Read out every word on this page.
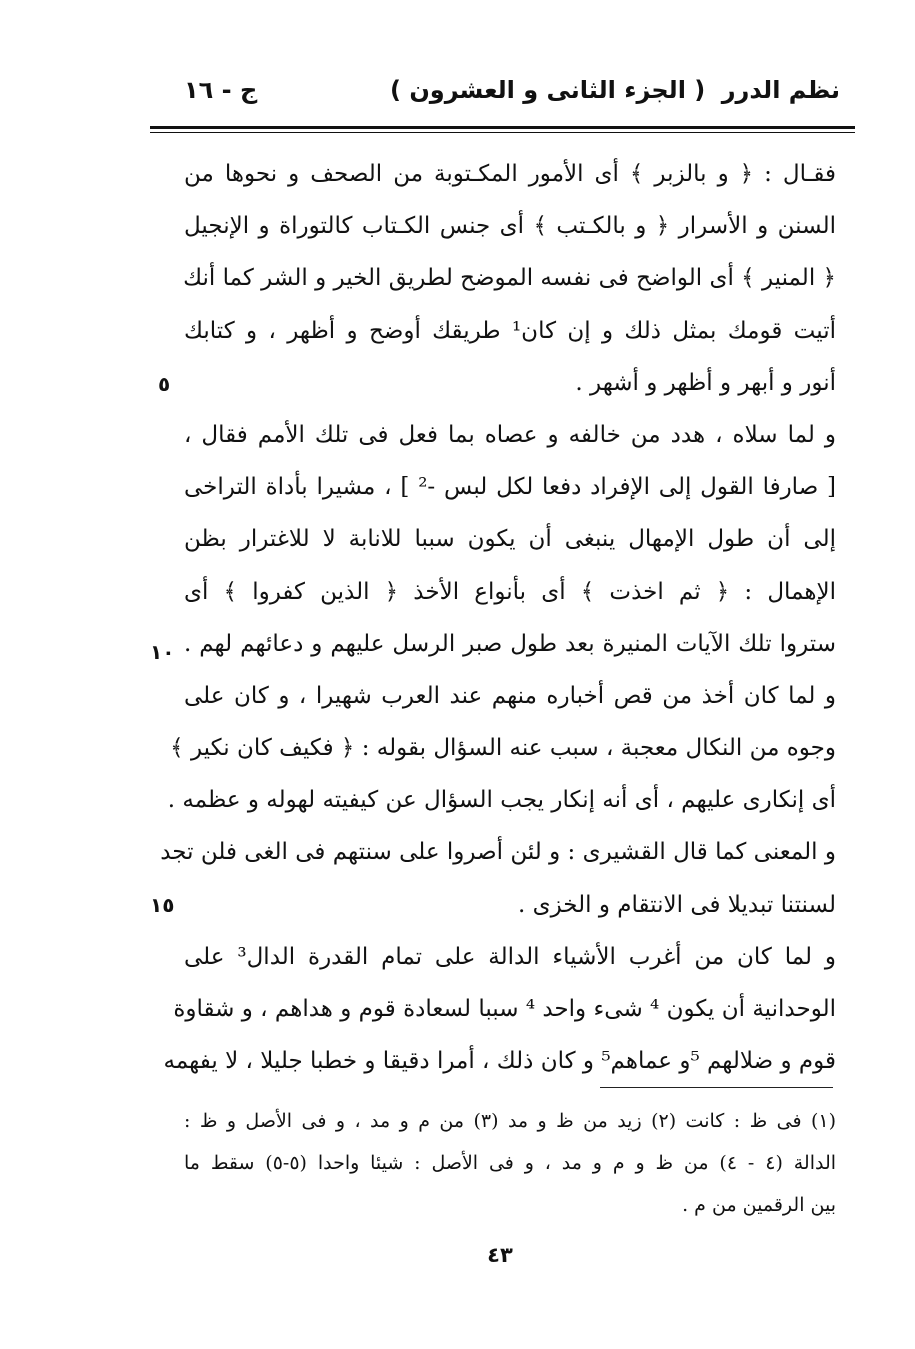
نظم الدرر
( الجزء الثانى و العشرون )
ج - ١٦
فقـال : ﴿ و بالزبر ﴾ أى الأمور المكـتوبة من الصحف و نحوها من
السنن و الأسرار ﴿ و بالكـتب ﴾ أى جنس الكـتاب كالتوراة و الإنجيل
﴿ المنير ﴾ أى الواضح فى نفسه الموضح لطريق الخير و الشر كما أنك
أتيت قومك بمثل ذلك و إن كان¹ طريقك أوضح و أظهر ، و كتابك
أنور و أبهر و أظهر و أشهر .
و لما سلاه ، هدد من خالفه و عصاه بما فعل فى تلك الأمم فقال ،
[ صارفا القول إلى الإفراد دفعا لكل لبس -² ] ، مشيرا بأداة التراخى
إلى أن طول الإمهال ينبغى أن يكون سببا للانابة لا للاغترار بظن
الإهمال : ﴿ ثم اخذت ﴾ أى بأنواع الأخذ ﴿ الذين كفروا ﴾ أى
ستروا تلك الآيات المنيرة بعد طول صبر الرسل عليهم و دعائهم لهم .
و لما كان أخذ من قص أخباره منهم عند العرب شهيرا ، و كان على
وجوه من النكال معجبة ، سبب عنه السؤال بقوله : ﴿ فكيف كان نكير ﴾
أى إنكارى عليهم ، أى أنه إنكار يجب السؤال عن كيفيته لهوله و عظمه .
و المعنى كما قال القشيرى : و لئن أصروا على سنتهم فى الغى فلن تجد
لسنتنا تبديلا فى الانتقام و الخزى .
و لما كان من أغرب الأشياء الدالة على تمام القدرة الدال³ على
الوحدانية أن يكون ⁴ شىء واحد ⁴ سببا لسعادة قوم و هداهم ، و شقاوة
قوم و ضلالهم ⁵و عماهم⁵ و كان ذلك ، أمرا دقيقا و خطبا جليلا ، لا يفهمه
٥
١٠
١٥
(١) فى ظ : كانت (٢) زيد من ظ و مد (٣) من م و مد ، و فى الأصل و ظ :
الدالة (٤ - ٤) من ظ و م و مد ، و فى الأصل : شيئا واحدا (٥-٥) سقط ما
بين الرقمين من م .
٤٣
